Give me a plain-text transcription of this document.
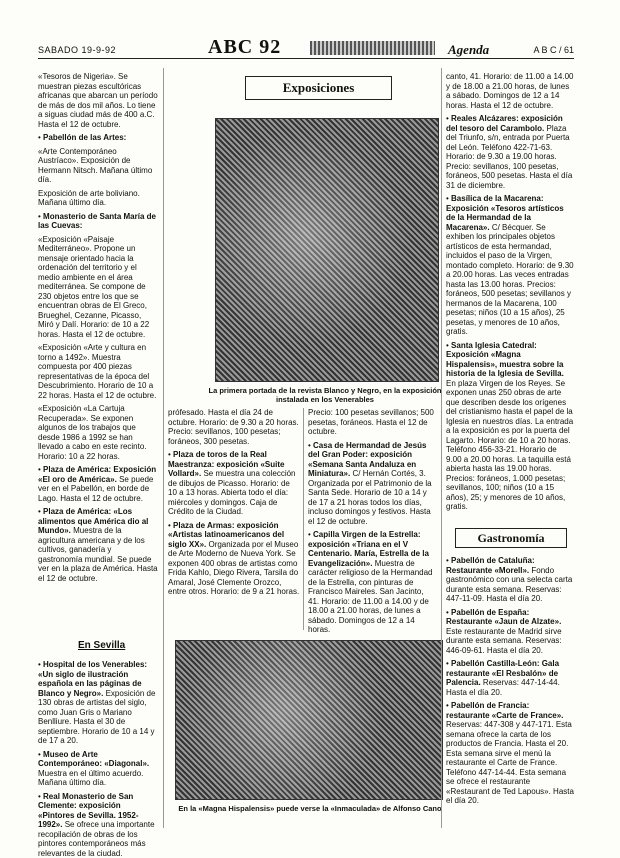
SABADO 19-9-92	ABC 92	Agenda	A B C / 61

«Tesoros de Nigeria». Se muestran piezas escultóricas africanas que abarcan un período de más de dos mil años. Lo tiene a siguas ciudad más de 400 a.C. Hasta el 12 de octubre.

• Pabellón de las Artes:

«Arte Contemporáneo Austríaco». Exposición de Hermann Nitsch. Mañana último día.

Exposición de arte boliviano. Mañana último día.

• Monasterio de Santa María de las Cuevas:

«Exposición «Paisaje Mediterráneo». Propone un mensaje orientado hacia la ordenación del territorio y el medio ambiente en el área mediterránea. Se compone de 230 objetos entre los que se encuentran obras de El Greco, Brueghel, Cezanne, Picasso, Miró y Dalí. Horario: de 10 a 22 horas. Hasta el 12 de octubre.

«Exposición «Arte y cultura en torno a 1492». Muestra compuesta por 400 piezas representativas de la época del Descubrimiento. Horario de 10 a 22 horas. Hasta el 12 de octubre.

«Exposición «La Cartuja Recuperada». Se exponen algunos de los trabajos que desde 1986 a 1992 se han llevado a cabo en este recinto. Horario: 10 a 22 horas.

• Plaza de América: Exposición «El oro de América». Se puede ver en el Pabellón, en borde de Lago. Hasta el 12 de octubre.

• Plaza de América: «Los alimentos que América dio al Mundo». Muestra de la agricultura americana y de los cultivos, ganadería y gastronomía mundial. Se puede ver en la plaza de América. Hasta el 12 de octubre.

En Sevilla

• Hospital de los Venerables: «Un siglo de ilustración española en las páginas de Blanco y Negro». Exposición de 130 obras de artistas del siglo, como Juan Gris o Mariano Benlliure. Hasta el 30 de septiembre. Horario de 10 a 14 y de 17 a 20.

• Museo de Arte Contemporáneo: «Diagonal». Muestra en el último acuerdo. Mañana último día.

• Real Monasterio de San Clemente: exposición «Pintores de Sevilla. 1952-1992». Se ofrece una importante recopilación de obras de los pintores contemporáneos más relevantes de la ciudad.

Exposiciones
La primera portada de la revista Blanco y Negro, en la exposición instalada en los Venerables

prófesado. Hasta el día 24 de octubre. Horario: de 9.30 a 20 horas. Precio: sevillanos, 100 pesetas; foráneos, 300 pesetas.

• Plaza de toros de la Real Maestranza: exposición «Suite Vollard». Se muestra una colección de dibujos de Picasso. Horario: de 10 a 13 horas. Abierta todo el día: miércoles y domingos. Caja de Crédito de la Ciudad.

• Plaza de Armas: exposición «Artistas latinoamericanos del siglo XX». Organizada por el Museo de Arte Moderno de Nueva York. Se exponen 400 obras de artistas como Frida Kahlo, Diego Rivera, Tarsila do Amaral, José Clemente Orozco, entre otros. Horario: de 9 a 21 horas.

Precio: 100 pesetas sevillanos; 500 pesetas, foráneos. Hasta el 12 de octubre.

• Casa de Hermandad de Jesús del Gran Poder: exposición «Semana Santa Andaluza en Miniatura». C/ Hernán Cortés, 3. Organizada por el Patrimonio de la Santa Sede. Horario de 10 a 14 y de 17 a 21 horas todos los días, incluso domingos y festivos. Hasta el 12 de octubre.

• Capilla Virgen de la Estrella: exposición «Triana en el V Centenario. María, Estrella de la Evangelización». Muestra de carácter religioso de la Hermandad de la Estrella, con pinturas de Francisco Maireles. San Jacinto, 41. Horario: de 11.00 a 14.00 y de 18.00 a 21.00 horas, de lunes a sábado. Domingos de 12 a 14 horas.

En la «Magna Hispalensis» puede verse la «Inmaculada» de Alfonso Cano

canto, 41. Horario: de 11.00 a 14.00 y de 18.00 a 21.00 horas, de lunes a sábado. Domingos de 12 a 14 horas. Hasta el 12 de octubre.

• Reales Alcázares: exposición del tesoro del Carambolo. Plaza del Triunfo, s/n, entrada por Puerta del León. Teléfono 422-71-63. Horario: de 9.30 a 19.00 horas. Precio: sevillanos, 100 pesetas, foráneos, 500 pesetas. Hasta el día 31 de diciembre.

• Basílica de la Macarena: Exposición «Tesoros artísticos de la Hermandad de la Macarena». C/ Bécquer. Se exhiben los principales objetos artísticos de esta hermandad, incluidos el paso de la Virgen, montado completo. Horario: de 9.30 a 20.00 horas. Las veces entradas hasta las 13.00 horas. Precios: foráneos, 500 pesetas; sevillanos y hermanos de la Macarena, 100 pesetas; niños (10 a 15 años), 25 pesetas, y menores de 10 años, gratis.

• Santa Iglesia Catedral: Exposición «Magna Hispalensis», muestra sobre la historia de la Iglesia de Sevilla. En plaza Virgen de los Reyes. Se exponen unas 250 obras de arte que describen desde los orígenes del cristianismo hasta el papel de la Iglesia en nuestros días. La entrada a la exposición es por la puerta del Lagarto. Horario: de 10 a 20 horas. Teléfono 456-33-21. Horario de 9.00 a 20.00 horas. La taquilla está abierta hasta las 19.00 horas. Precios: foráneos, 1.000 pesetas; sevillanos, 100; niños (10 a 15 años), 25; y menores de 10 años, gratis.

Gastronomía

• Pabellón de Cataluña: Restaurante «Morell». Fondo gastronómico con una selecta carta durante esta semana. Reservas: 447-11-09. Hasta el día 20.

• Pabellón de España: Restaurante «Jaun de Alzate». Este restaurante de Madrid sirve durante esta semana. Reservas: 446-09-61. Hasta el día 20.

• Pabellón Castilla-León: Gala restaurante «El Resbalón» de Palencia. Reservas: 447-14-44. Hasta el día 20.

• Pabellón de Francia: restaurante «Carte de France». Reservas: 447-308 y 447-171. Esta semana ofrece la carta de los productos de Francia. Hasta el 20. Esta semana sirve el menú la restaurante el Carte de France. Teléfono 447-14-44. Esta semana se ofrece el restaurante «Restaurant de Ted Lapous». Hasta el día 20.
